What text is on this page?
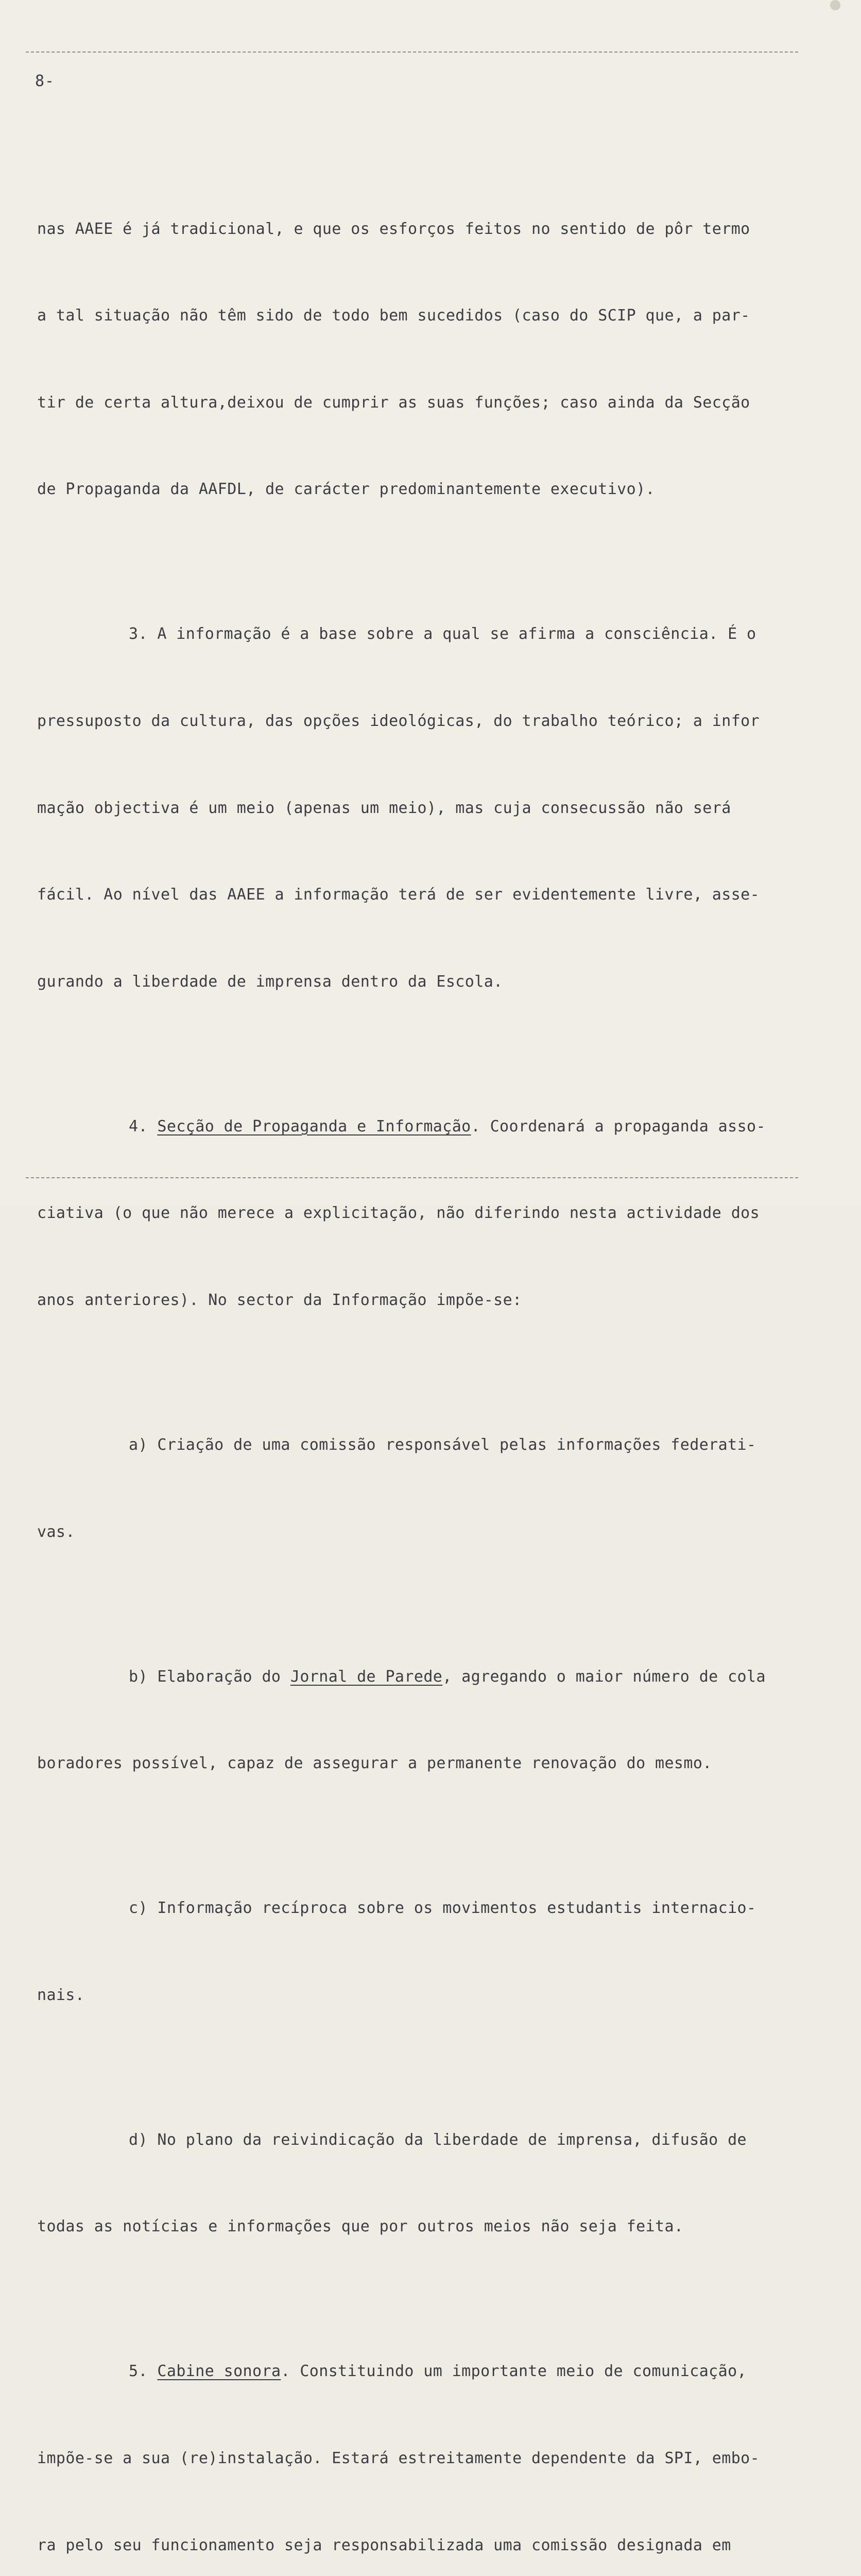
8-

nas AAEE é já tradicional, e que os esforços feitos no sentido de pôr termo

a tal situação não têm sido de todo bem sucedidos (caso do SCIP que, a par-

tir de certa altura,deixou de cumprir as suas funções; caso ainda da Secção

de Propaganda da AAFDL, de carácter predominantemente executivo).

3. A informação é a base sobre a qual se afirma a consciência. É o

pressuposto da cultura, das opções ideológicas, do trabalho teórico; a infor

mação objectiva é um meio (apenas um meio), mas cuja consecussão não será

fácil. Ao nível das AAEE a informação terá de ser evidentemente livre, asse-

gurando a liberdade de imprensa dentro da Escola.

4. Secção de Propaganda e Informação. Coordenará a propaganda asso-

ciativa (o que não merece a explicitação, não diferindo nesta actividade dos

anos anteriores). No sector da Informação impõe-se:

a) Criação de uma comissão responsável pelas informações federati-

vas.

b) Elaboração do Jornal de Parede, agregando o maior número de cola

boradores possível, capaz de assegurar a permanente renovação do mesmo.

c) Informação recíproca sobre os movimentos estudantis internacio-

nais.

d) No plano da reivindicação da liberdade de imprensa, difusão de

todas as notícias e informações que por outros meios não seja feita.

5. Cabine sonora. Constituindo um importante meio de comunicação,

impõe-se a sua (re)instalação. Estará estreitamente dependente da SPI, embo-

ra pelo seu funcionamento seja responsabilizada uma comissão designada em
